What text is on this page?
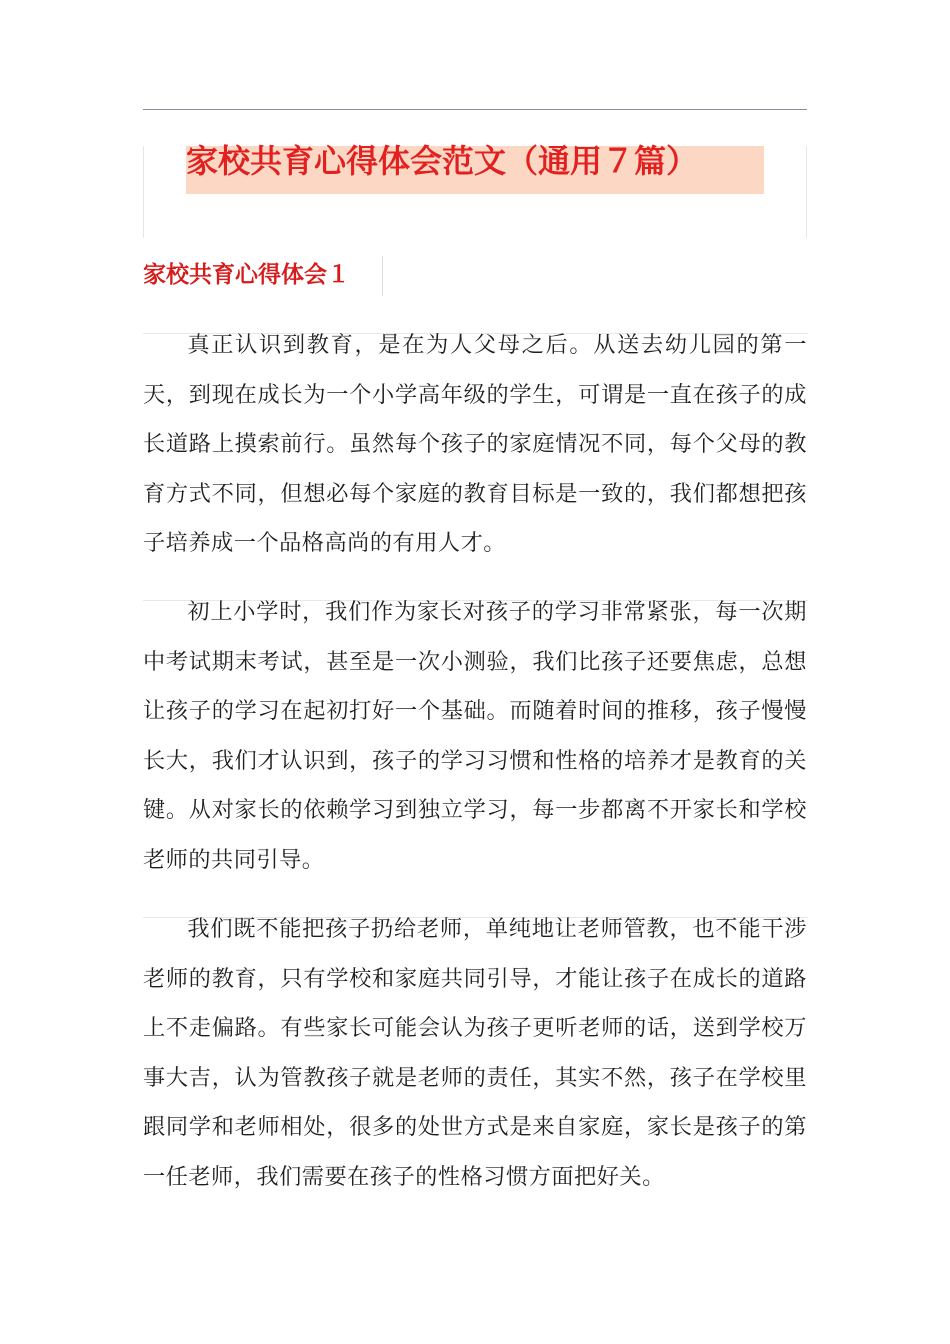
家校共育心得体会范文（通用７篇）
家校共育心得体会１

真正认识到教育，是在为人父母之后。从送去幼儿园的第一天，到现在成长为一个小学高年级的学生，可谓是一直在孩子的成长道路上摸索前行。虽然每个孩子的家庭情况不同，每个父母的教育方式不同，但想必每个家庭的教育目标是一致的，我们都想把孩子培养成一个品格高尚的有用人才。

初上小学时，我们作为家长对孩子的学习非常紧张，每一次期中考试期末考试，甚至是一次小测验，我们比孩子还要焦虑，总想让孩子的学习在起初打好一个基础。而随着时间的推移，孩子慢慢长大，我们才认识到，孩子的学习习惯和性格的培养才是教育的关键。从对家长的依赖学习到独立学习，每一步都离不开家长和学校老师的共同引导。

我们既不能把孩子扔给老师，单纯地让老师管教，也不能干涉老师的教育，只有学校和家庭共同引导，才能让孩子在成长的道路上不走偏路。有些家长可能会认为孩子更听老师的话，送到学校万事大吉，认为管教孩子就是老师的责任，其实不然，孩子在学校里跟同学和老师相处，很多的处世方式是来自家庭，家长是孩子的第一任老师，我们需要在孩子的性格习惯方面把好关。
